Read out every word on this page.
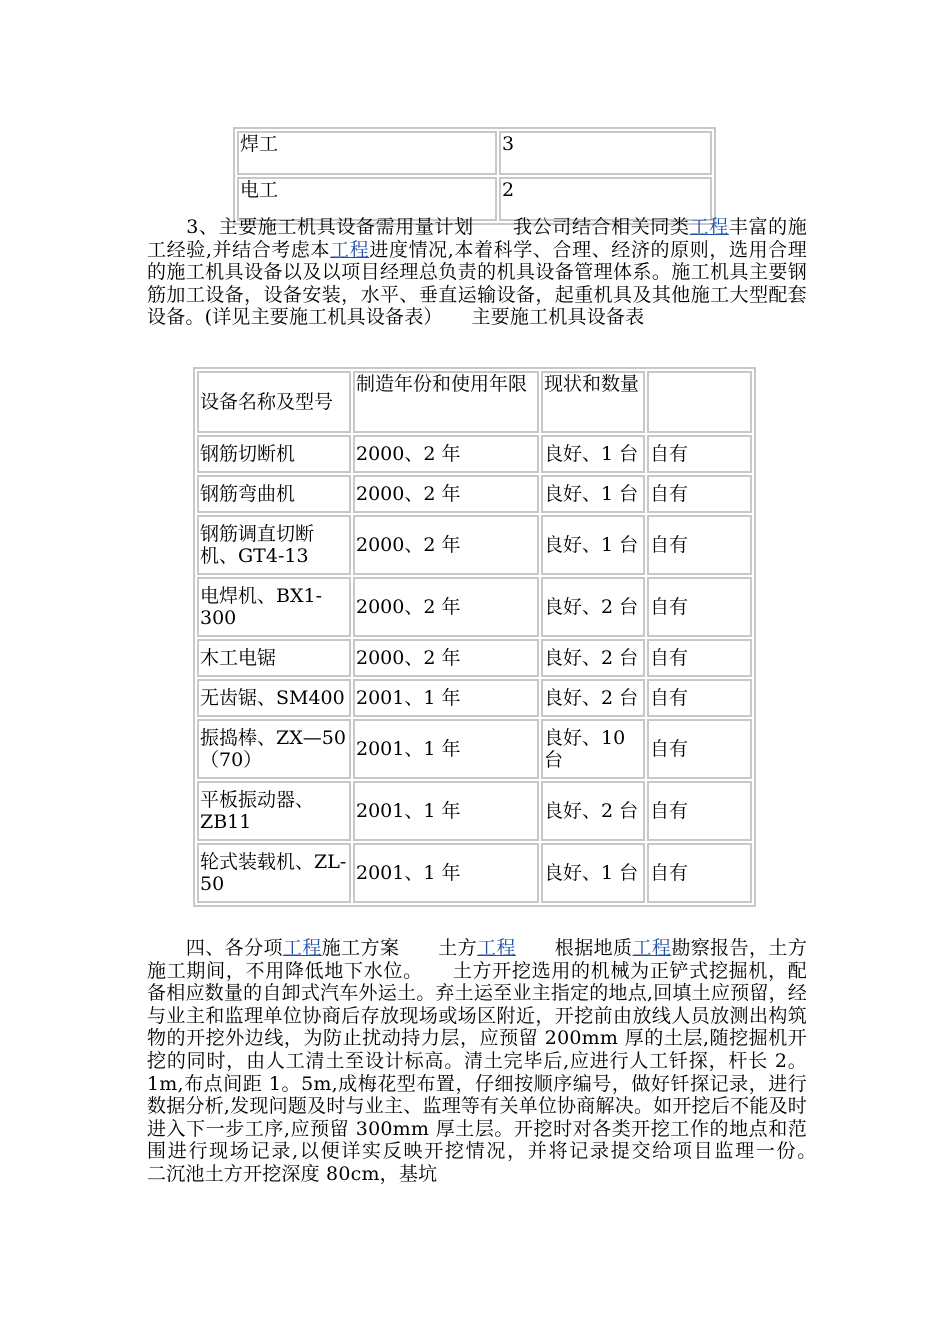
焊工	3
电工	2
　　3、主要施工机具设备需用量计划　　我公司结合相关同类工程丰富的施工经验,并结合考虑本工程进度情况,本着科学、合理、经济的原则，选用合理的施工机具设备以及以项目经理总负责的机具设备管理体系。施工机具主要钢筋加工设备，设备安装，水平、垂直运输设备，起重机具及其他施工大型配套设备。(详见主要施工机具设备表）　　主要施工机具设备表
设备名称及型号	制造年份和使用年限	现状和数量	
钢筋切断机	2000、2 年	良好、1 台	自有
钢筋弯曲机	2000、2 年	良好、1 台	自有
钢筋调直切断机、GT4-13	2000、2 年	良好、1 台	自有
电焊机、BX1-300	2000、2 年	良好、2 台	自有
木工电锯	2000、2 年	良好、2 台	自有
无齿锯、SM400	2001、1 年	良好、2 台	自有
振捣棒、ZX—50（70）	2001、1 年	良好、10 台	自有
平板振动器、ZB11	2001、1 年	良好、2 台	自有
轮式装载机、ZL-50	2001、1 年	良好、1 台	自有
　　四、各分项工程施工方案　　土方工程　　根据地质工程勘察报告，土方施工期间，不用降低地下水位。　　土方开挖选用的机械为正铲式挖掘机，配备相应数量的自卸式汽车外运土。弃土运至业主指定的地点,回填土应预留，经与业主和监理单位协商后存放现场或场区附近，开挖前由放线人员放测出构筑物的开挖外边线，为防止扰动持力层，应预留 200mm 厚的土层,随挖掘机开挖的同时，由人工清土至设计标高。清土完毕后,应进行人工钎探，杆长 2。1m,布点间距 1。5m,成梅花型布置，仔细按顺序编号，做好钎探记录，进行数据分析,发现问题及时与业主、监理等有关单位协商解决。如开挖后不能及时进入下一步工序,应预留 300mm 厚土层。开挖时对各类开挖工作的地点和范围进行现场记录,以便详实反映开挖情况，并将记录提交给项目监理一份。　　二沉池土方开挖深度 80cm，基坑
